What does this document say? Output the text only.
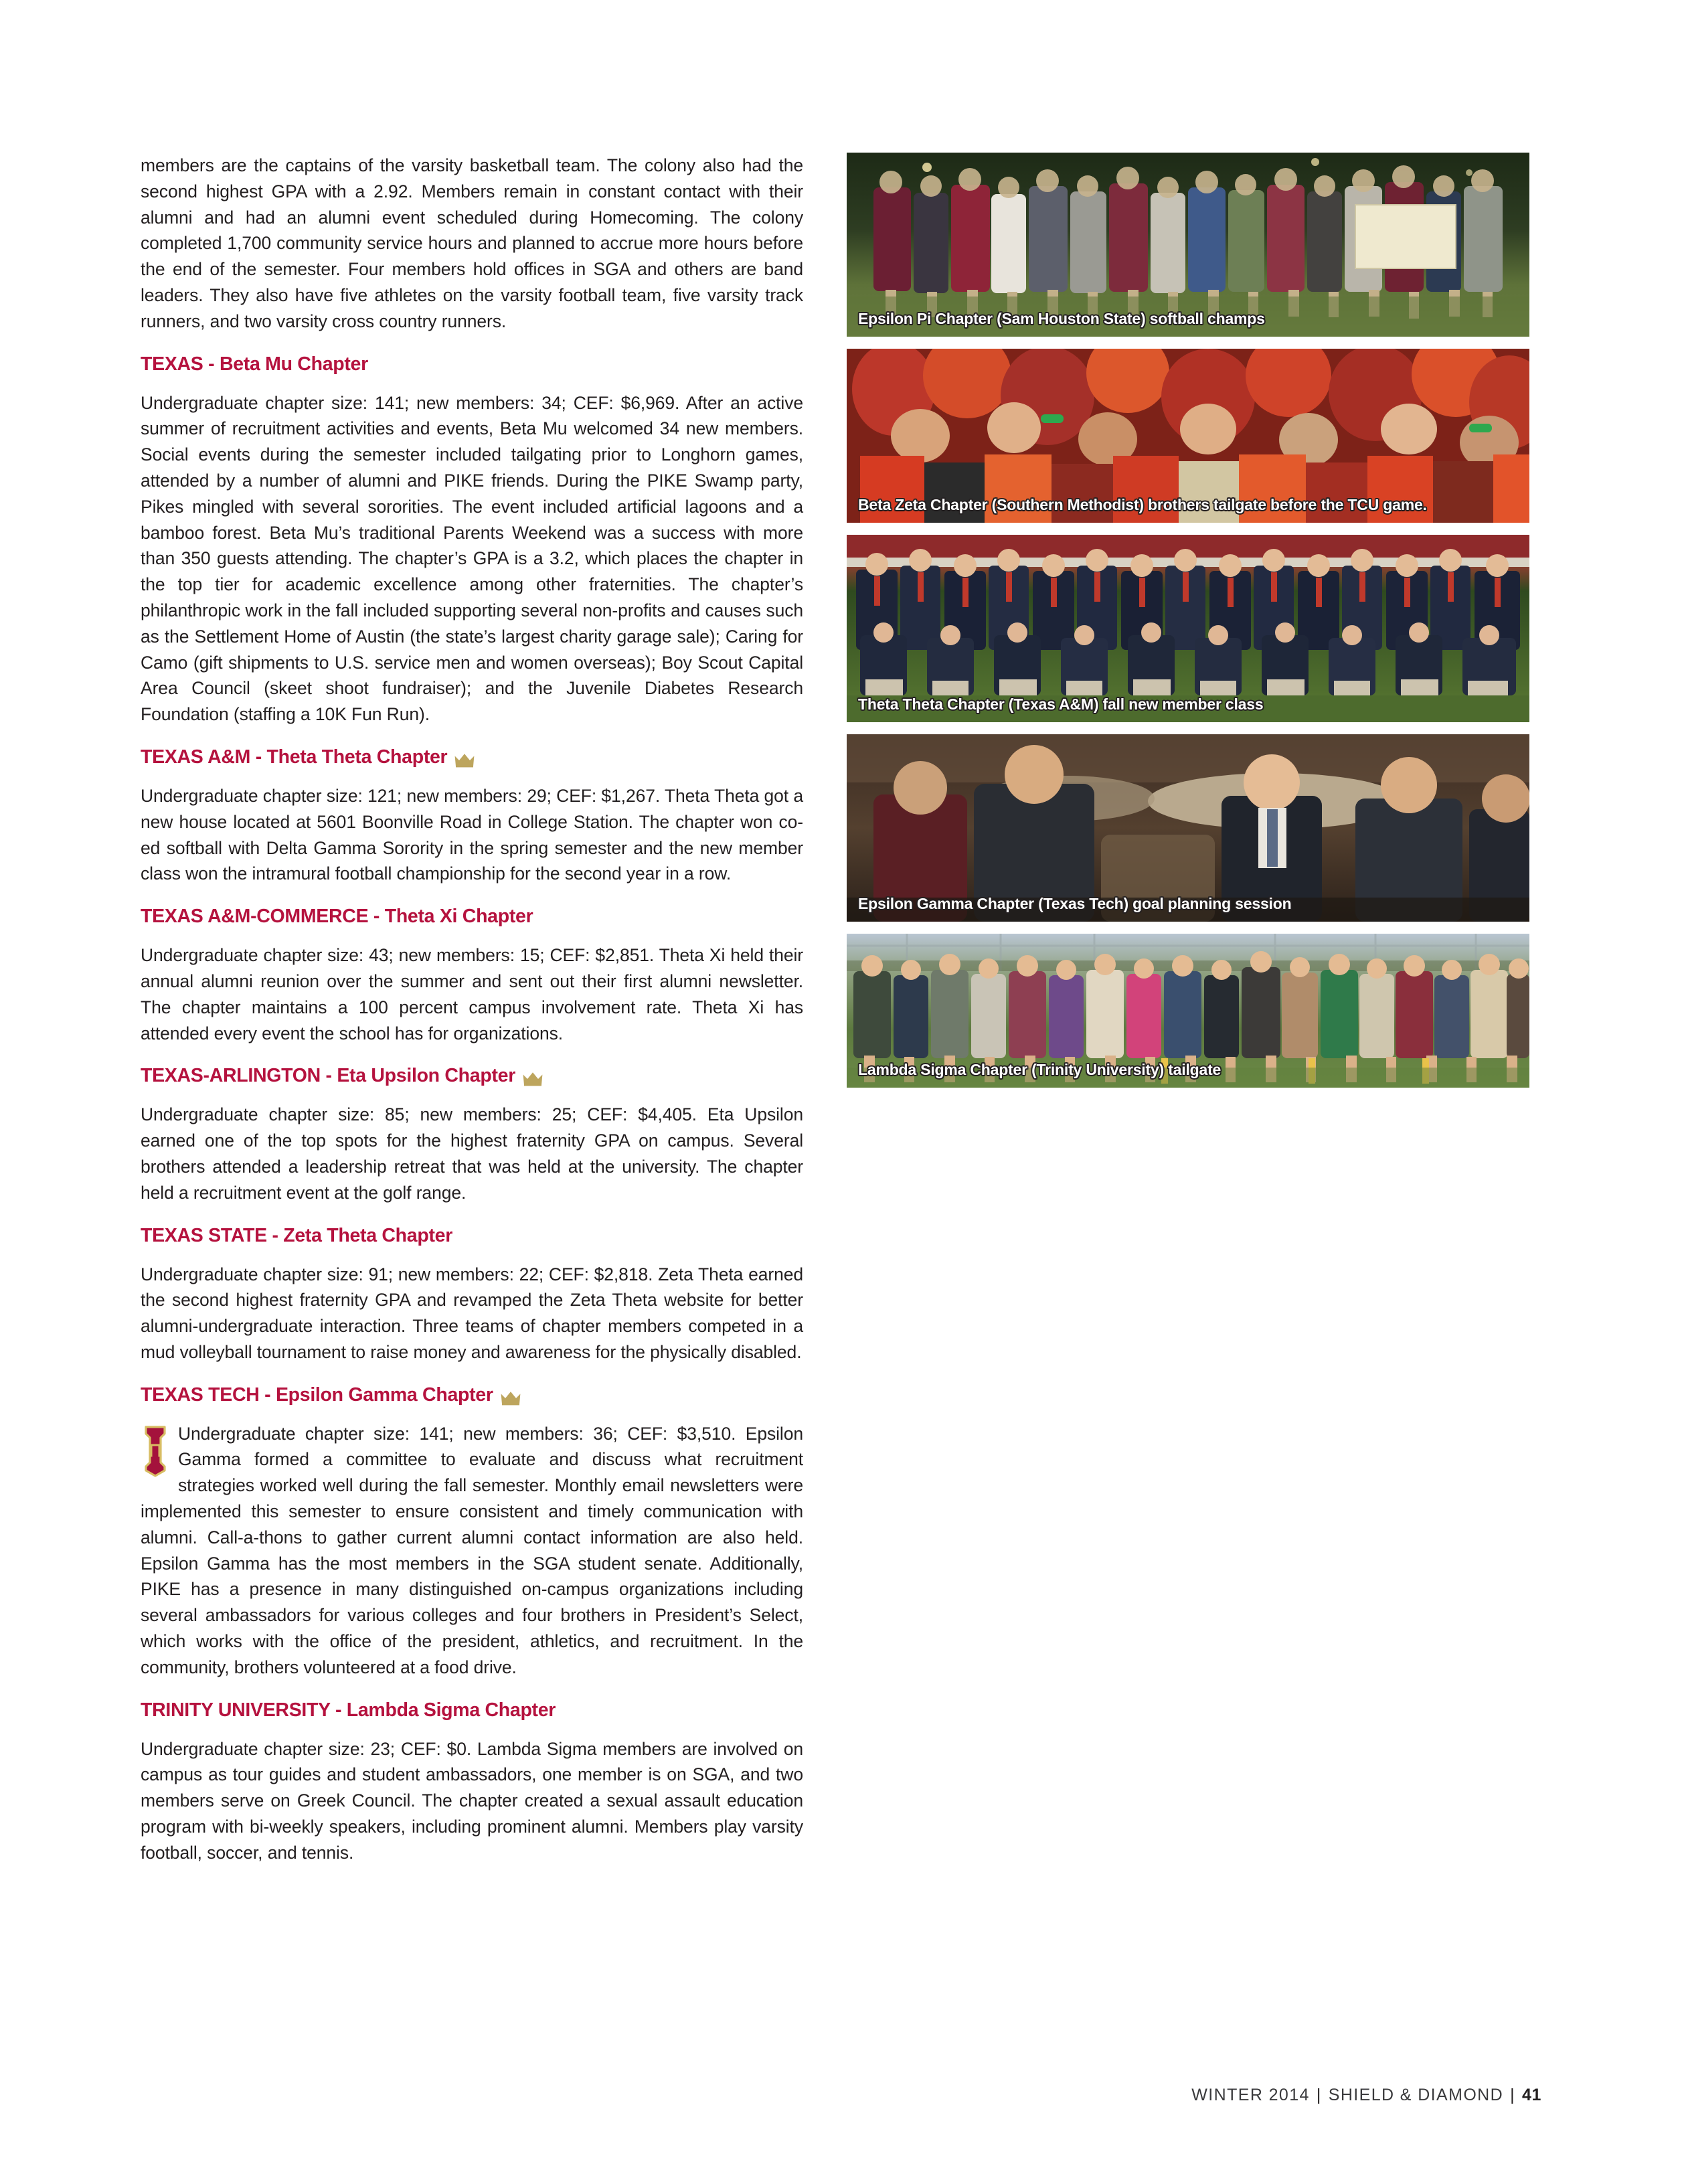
members are the captains of the varsity basketball team. The colony also had the second highest GPA with a 2.92. Members remain in constant contact with their alumni and had an alumni event scheduled during Homecoming. The colony completed 1,700 community service hours and planned to accrue more hours before the end of the semester. Four members hold offices in SGA and others are band leaders. They also have five athletes on the varsity football team, five varsity track runners, and two varsity cross country runners.

TEXAS - Beta Mu Chapter

Undergraduate chapter size: 141; new members: 34; CEF: $6,969. After an active summer of recruitment activities and events, Beta Mu welcomed 34 new members. Social events during the semester included tailgating prior to Longhorn games, attended by a number of alumni and PIKE friends. During the PIKE Swamp party, Pikes mingled with several sororities. The event included artificial lagoons and a bamboo forest. Beta Mu’s traditional Parents Weekend was a success with more than 350 guests attending. The chapter’s GPA is a 3.2, which places the chapter in the top tier for academic excellence among other fraternities. The chapter’s philanthropic work in the fall included supporting several non-profits and causes such as the Settlement Home of Austin (the state’s largest charity garage sale); Caring for Camo (gift shipments to U.S. service men and women overseas); Boy Scout Capital Area Council (skeet shoot fundraiser); and the Juvenile Diabetes Research Foundation (staffing a 10K Fun Run).

TEXAS A&M - Theta Theta Chapter

Undergraduate chapter size: 121; new members: 29; CEF: $1,267. Theta Theta got a new house located at 5601 Boonville Road in College Station. The chapter won co-ed softball with Delta Gamma Sorority in the spring semester and the new member class won the intramural football championship for the second year in a row.

TEXAS A&M-COMMERCE - Theta Xi Chapter

Undergraduate chapter size: 43; new members: 15; CEF: $2,851. Theta Xi held their annual alumni reunion over the summer and sent out their first alumni newsletter. The chapter maintains a 100 percent campus involvement rate. Theta Xi has attended every event the school has for organizations.

TEXAS-ARLINGTON - Eta Upsilon Chapter

Undergraduate chapter size: 85; new members: 25; CEF: $4,405. Eta Upsilon earned one of the top spots for the highest fraternity GPA on campus. Several brothers attended a leadership retreat that was held at the university. The chapter held a recruitment event at the golf range.

TEXAS STATE - Zeta Theta Chapter

Undergraduate chapter size: 91; new members: 22; CEF: $2,818. Zeta Theta earned the second highest fraternity GPA and revamped the Zeta Theta website for better alumni-undergraduate interaction. Three teams of chapter members competed in a mud volleyball tournament to raise money and awareness for the physically disabled.

TEXAS TECH - Epsilon Gamma Chapter

Undergraduate chapter size: 141; new members: 36; CEF: $3,510. Epsilon Gamma formed a committee to evaluate and discuss what recruitment strategies worked well during the fall semester. Monthly email newsletters were implemented this semester to ensure consistent and timely communication with alumni. Call-a-thons to gather current alumni contact information are also held. Epsilon Gamma has the most members in the SGA student senate. Additionally, PIKE has a presence in many distinguished on-campus organizations including several ambassadors for various colleges and four brothers in President’s Select, which works with the office of the president, athletics, and recruitment. In the community, brothers volunteered at a food drive.

TRINITY UNIVERSITY - Lambda Sigma Chapter

Undergraduate chapter size: 23; CEF: $0. Lambda Sigma members are involved on campus as tour guides and student ambassadors, one member is on SGA, and two members serve on Greek Council. The chapter created a sexual assault education program with bi-weekly speakers, including prominent alumni. Members play varsity football, soccer, and tennis.

Epsilon Pi Chapter (Sam Houston State) softball champs
Beta Zeta Chapter (Southern Methodist) brothers tailgate before the TCU game.
Theta Theta Chapter (Texas A&M) fall new member class
Epsilon Gamma Chapter (Texas Tech) goal planning session
Lambda Sigma Chapter (Trinity University) tailgate
WINTER 2014 | SHIELD & DIAMOND | 41
